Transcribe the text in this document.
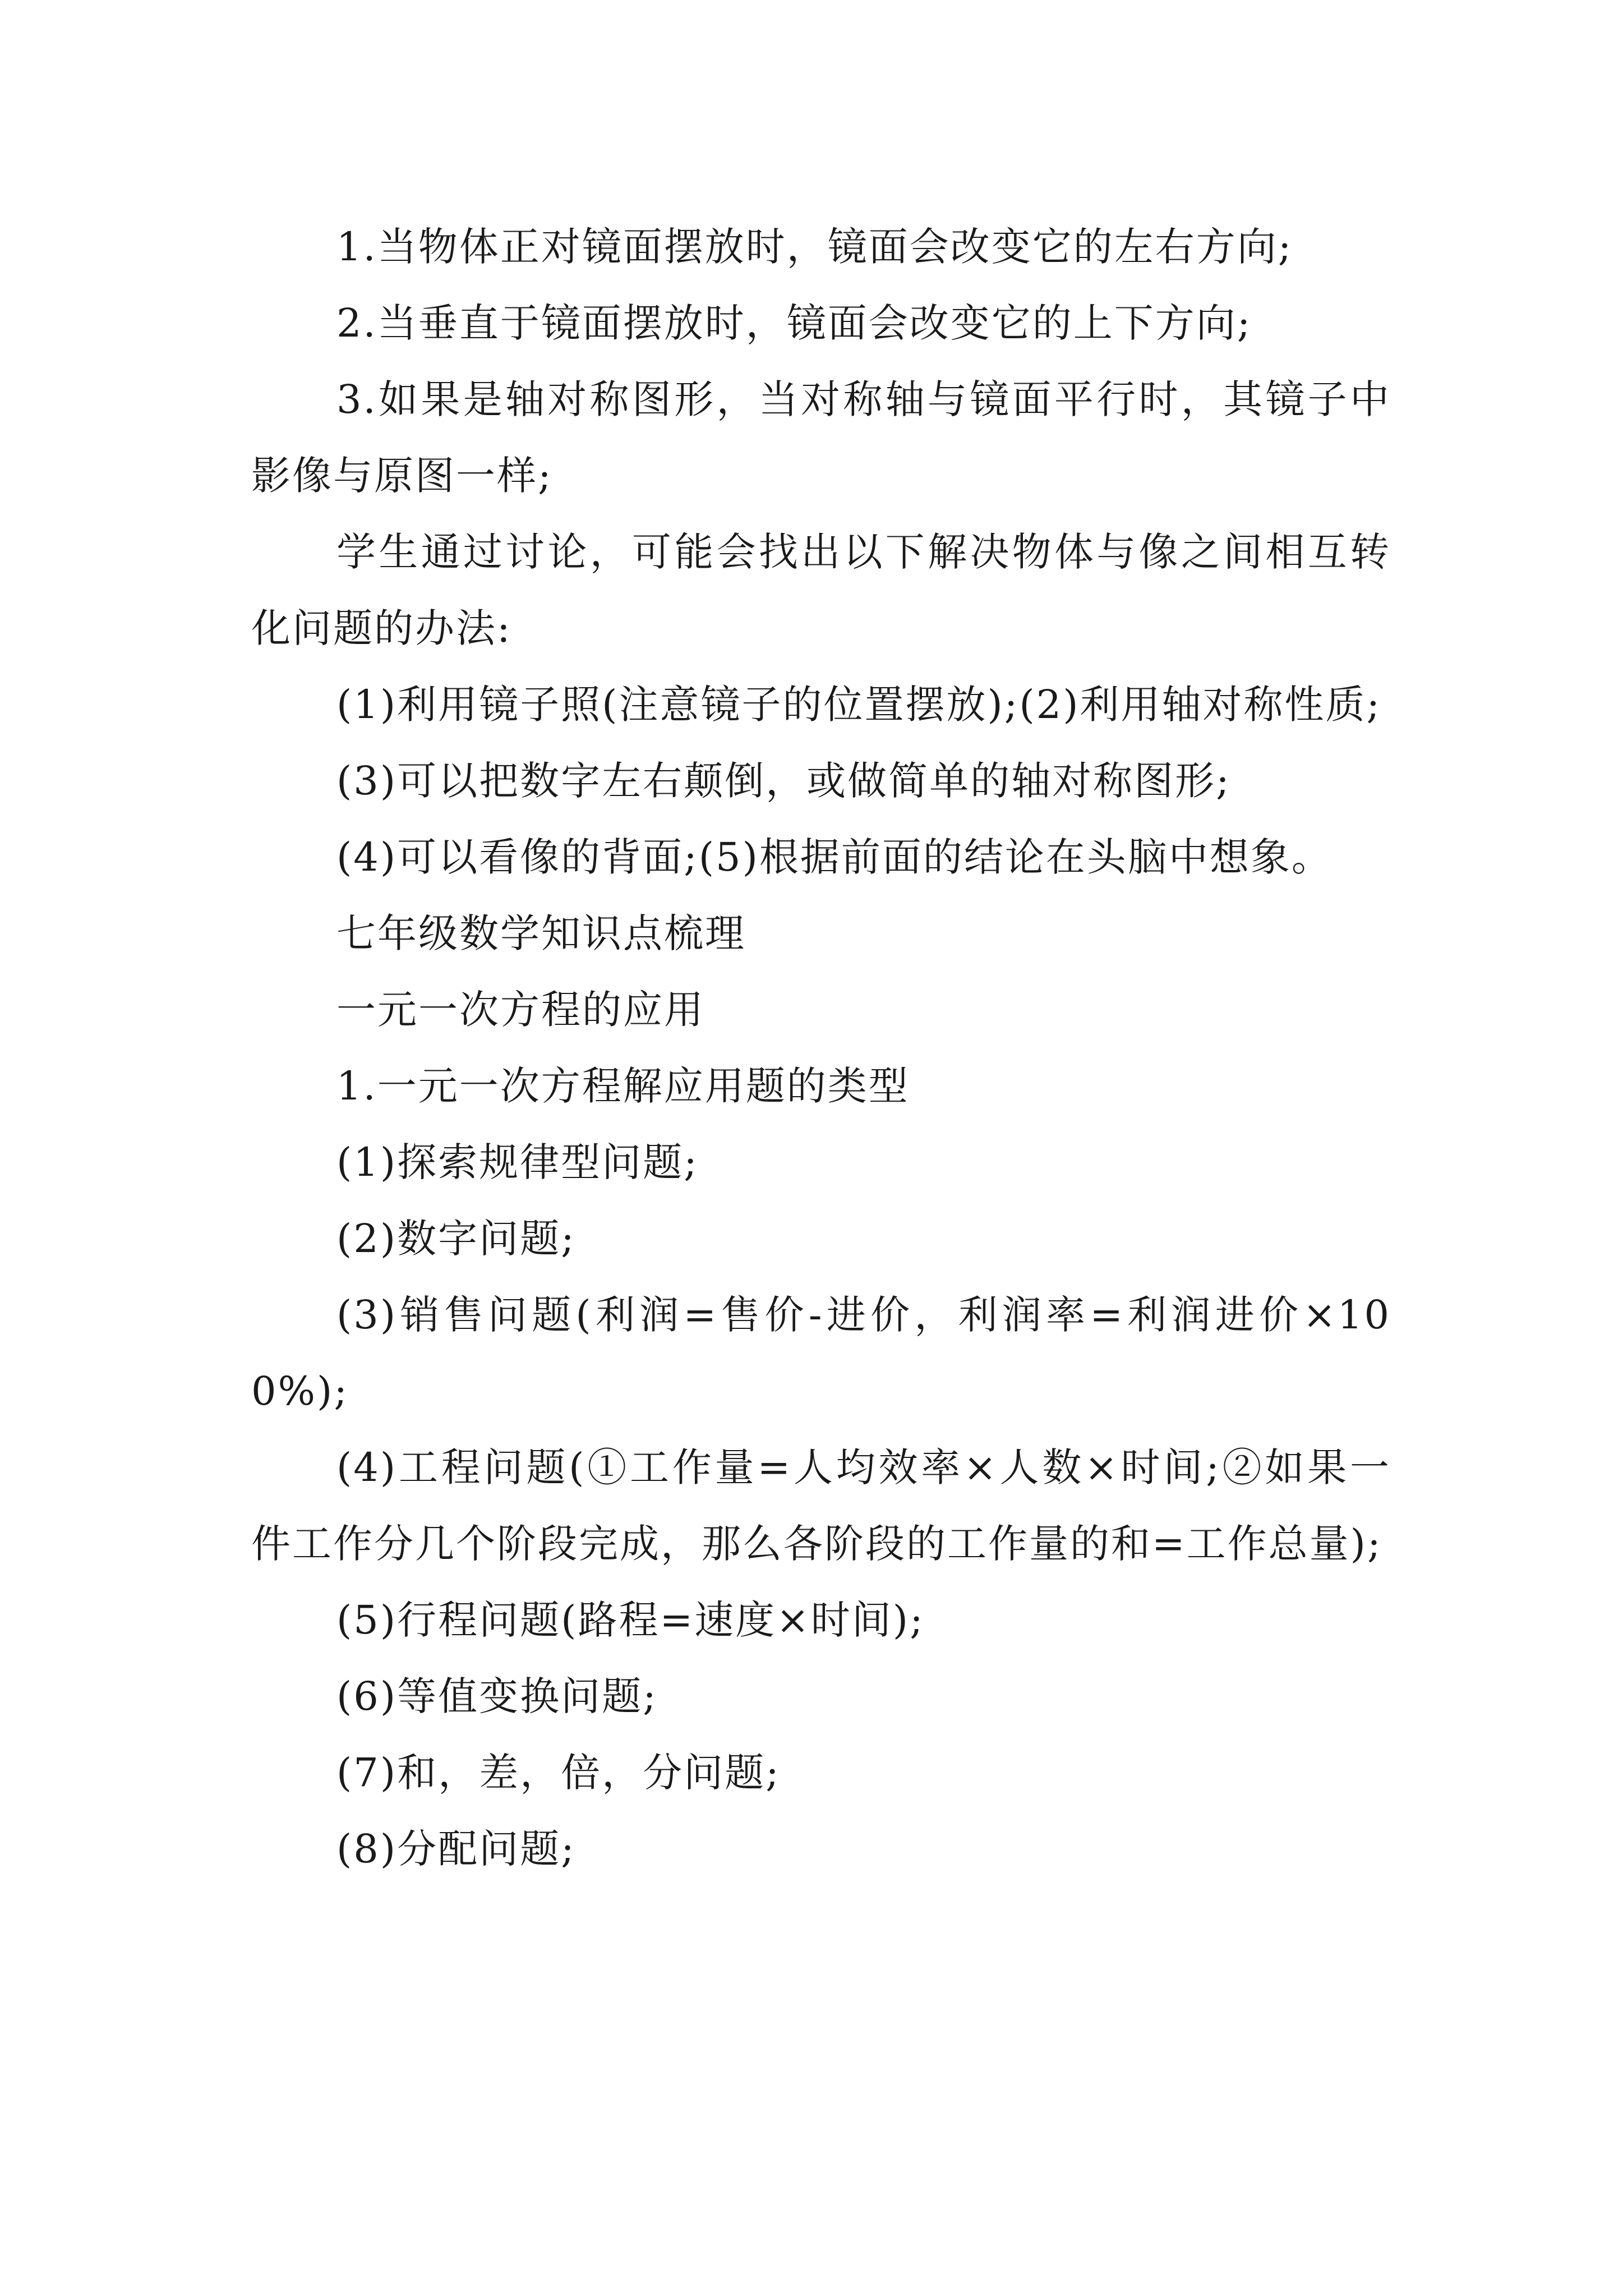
1.当物体正对镜面摆放时，镜面会改变它的左右方向;

2.当垂直于镜面摆放时，镜面会改变它的上下方向;

3.如果是轴对称图形，当对称轴与镜面平行时，其镜子中影像与原图一样;

学生通过讨论，可能会找出以下解决物体与像之间相互转化问题的办法:

(1)利用镜子照(注意镜子的位置摆放);(2)利用轴对称性质;

(3)可以把数字左右颠倒，或做简单的轴对称图形;

(4)可以看像的背面;(5)根据前面的结论在头脑中想象。

七年级数学知识点梳理

一元一次方程的应用

1.一元一次方程解应用题的类型

(1)探索规律型问题;

(2)数字问题;

(3)销售问题(利润=售价-进价，利润率=利润进价×100%);

(4)工程问题(①工作量=人均效率×人数×时间;②如果一件工作分几个阶段完成，那么各阶段的工作量的和=工作总量);

(5)行程问题(路程=速度×时间);

(6)等值变换问题;

(7)和，差，倍，分问题;

(8)分配问题;
